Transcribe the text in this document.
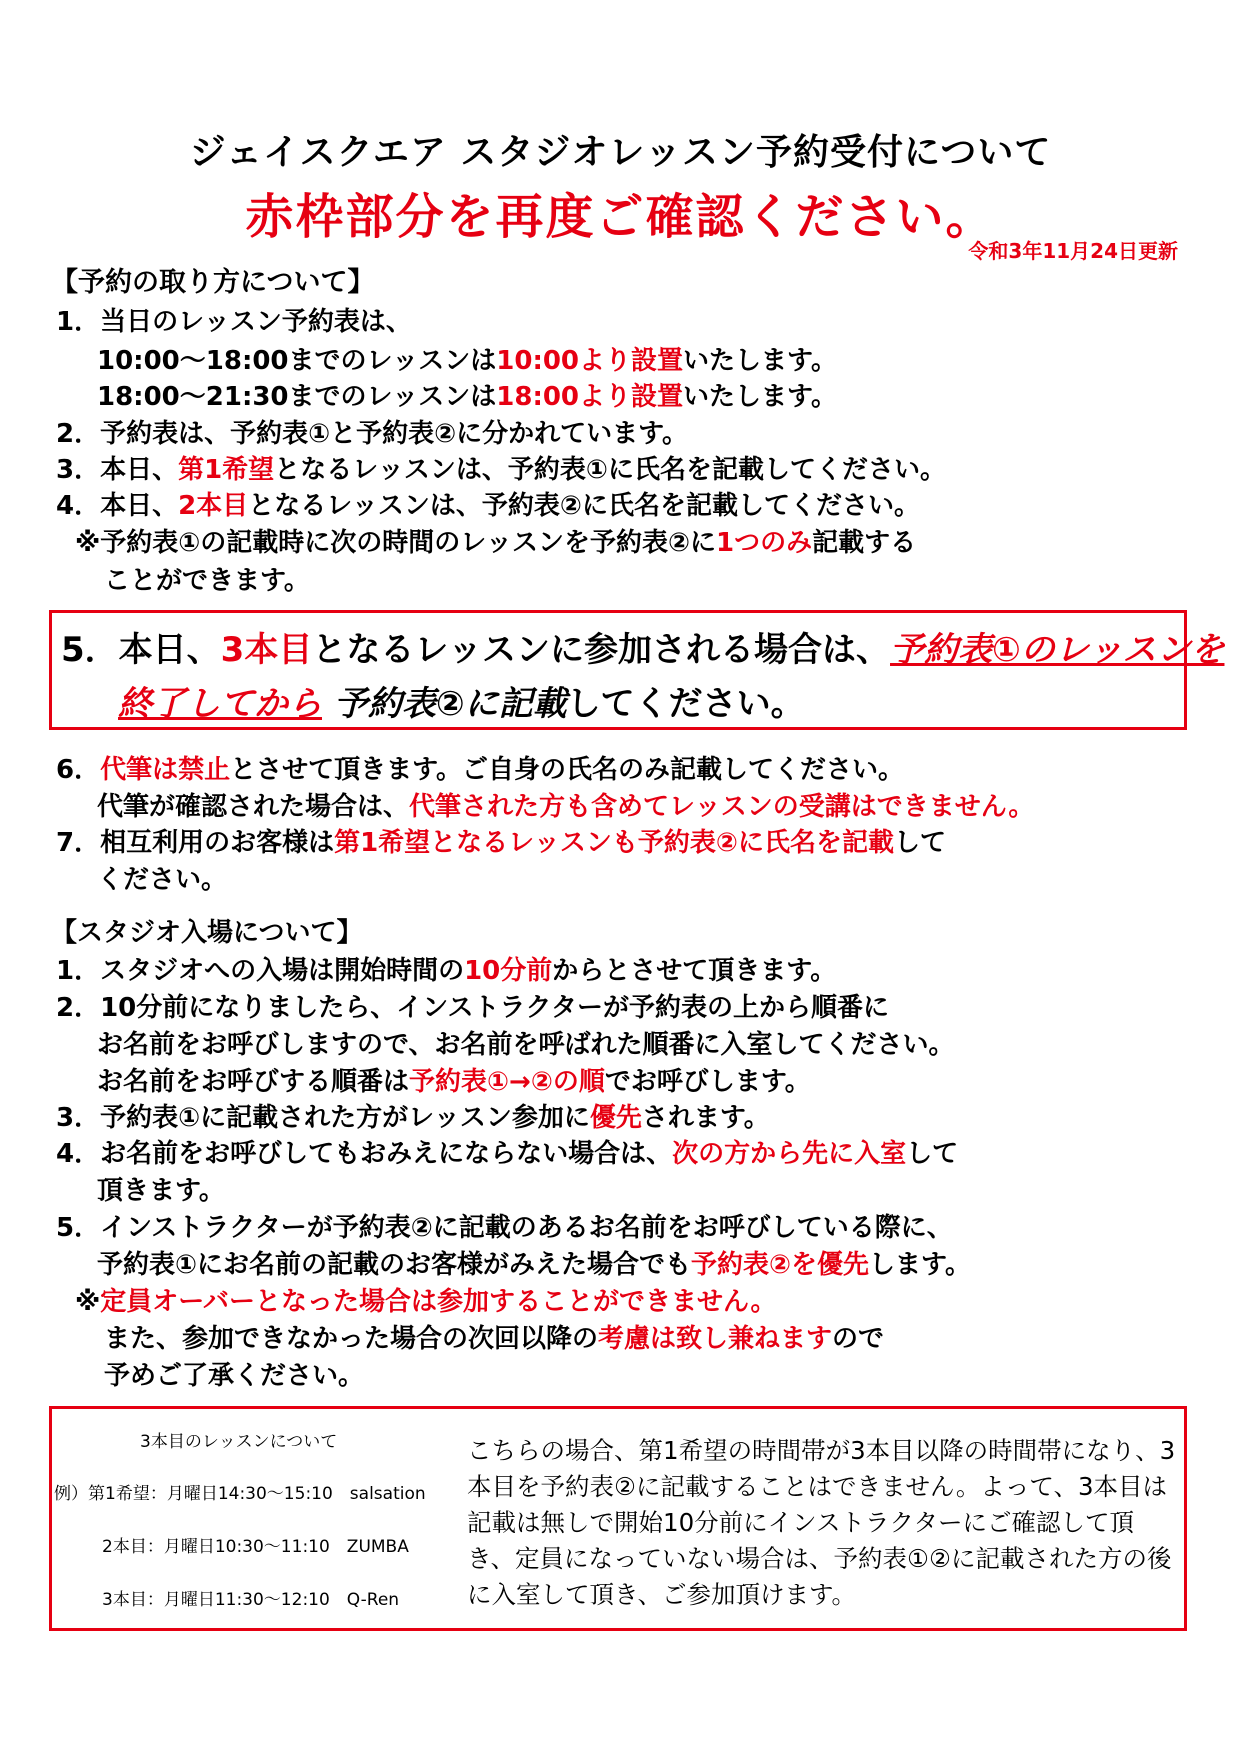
ジェイスクエア スタジオレッスン予約受付について
赤枠部分を再度ご確認ください。
令和3年11月24日更新
【予約の取り方について】
1．当日のレッスン予約表は、
10:00～18:00までのレッスンは10:00より設置いたします。
18:00～21:30までのレッスンは18:00より設置いたします。
2．予約表は、予約表①と予約表②に分かれています。
3．本日、第1希望となるレッスンは、予約表①に氏名を記載してください。
4．本日、2本目となるレッスンは、予約表②に氏名を記載してください。
※予約表①の記載時に次の時間のレッスンを予約表②に1つのみ記載する
ことができます。
5．本日、3本目となるレッスンに参加される場合は、予約表①のレッスンを
終了してから 予約表②に記載してください。
6．代筆は禁止とさせて頂きます。ご自身の氏名のみ記載してください。
代筆が確認された場合は、代筆された方も含めてレッスンの受講はできません。
7．相互利用のお客様は第1希望となるレッスンも予約表②に氏名を記載して
ください。
【スタジオ入場について】
1．スタジオへの入場は開始時間の10分前からとさせて頂きます。
2．10分前になりましたら、インストラクターが予約表の上から順番に
お名前をお呼びしますので、お名前を呼ばれた順番に入室してください。
お名前をお呼びする順番は予約表①→②の順でお呼びします。
3．予約表①に記載された方がレッスン参加に優先されます。
4．お名前をお呼びしてもおみえにならない場合は、次の方から先に入室して
頂きます。
5．インストラクターが予約表②に記載のあるお名前をお呼びしている際に、
予約表①にお名前の記載のお客様がみえた場合でも予約表②を優先します。
※定員オーバーとなった場合は参加することができません。
また、参加できなかった場合の次回以降の考慮は致し兼ねますので
予めご了承ください。
3本目のレッスンについて
例）第1希望：月曜日14:30～15:10　salsation
2本目：月曜日10:30～11:10　ZUMBA
3本目：月曜日11:30～12:10　Q-Ren
こちらの場合、第1希望の時間帯が3本目以降の時間帯になり、3本目を予約表②に記載することはできません。よって、3本目は記載は無しで開始10分前にインストラクターにご確認して頂き、定員になっていない場合は、予約表①②に記載された方の後に入室して頂き、ご参加頂けます。
